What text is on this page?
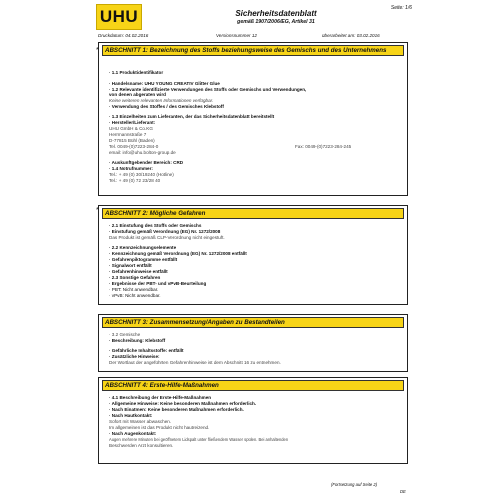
UHU	Seite: 1/6
Sicherheitsdatenblatt
gemäß 1907/2006/EG, Artikel 31
Druckdatum: 04.02.2016	Versionsnummer 12	überarbeitet am: 03.02.2016
*	ABSCHNITT 1: Bezeichnung des Stoffs beziehungsweise des Gemischs und des Unternehmens
· 1.1 Produktidentifikator
· Handelsname: UHU YOUNG CREATIV Glitter Glue
· 1.2 Relevante identifizierte Verwendungen des Stoffs oder Gemischs und Verwendungen,
von denen abgeraten wird
Keine weiteren relevanten Informationen verfügbar.
· Verwendung des Stoffes / des Gemisches Klebstoff
· 1.3 Einzelheiten zum Lieferanten, der das Sicherheitsdatenblatt bereitstellt
· Hersteller/Lieferant:
UHU GmbH & Co.KG
Herrmannstraße 7
D-77815 Bühl (Baden)
Tel. 0049-(0)7223-284-0	Fax: 0049-(0)7223-284-245
email: info@uhu.bolton-group.de
· Auskunftgebender Bereich: CRD
· 1.4 Notrufnummer:
Tel.: + 49 (0) 30/19240 (Hotline)
Tel.: + 49 (0) 72 23/28 40
*	ABSCHNITT 2: Mögliche Gefahren
· 2.1 Einstufung des Stoffs oder Gemischs
· Einstufung gemäß Verordnung (EG) Nr. 1272/2008
Das Produkt ist gemäß CLP-Verordnung nicht eingestuft.
· 2.2 Kennzeichnungselemente
· Kennzeichnung gemäß Verordnung (EG) Nr. 1272/2008 entfällt
· Gefahrenpiktogramme entfällt
· Signalwort entfällt
· Gefahrenhinweise entfällt
· 2.3 Sonstige Gefahren
· Ergebnisse der PBT- und vPvB-Beurteilung
· PBT: Nicht anwendbar.
· vPvB: Nicht anwendbar.
ABSCHNITT 3: Zusammensetzung/Angaben zu Bestandteilen
· 3.2 Gemische
· Beschreibung: Klebstoff
· Gefährliche Inhaltsstoffe: entfällt
· Zusätzliche Hinweise:
Der Wortlaut der angeführten Gefahrenhinweise ist dem Abschnitt 16 zu entnehmen.
ABSCHNITT 4: Erste-Hilfe-Maßnahmen
· 4.1 Beschreibung der Erste-Hilfe-Maßnahmen
· Allgemeine Hinweise: Keine besonderen Maßnahmen erforderlich.
· Nach Einatmen: Keine besonderen Maßnahmen erforderlich.
· Nach Hautkontakt:
Sofort mit Wasser abwaschen.
Im allgemeinen ist das Produkt nicht hautreizend.
· Nach Augenkontakt:
Augen mehrere Minuten bei geöffnetem Lidspalt unter fließendem Wasser spülen. Bei anhaltenden
Beschwerden Arzt konsultieren.
(Fortsetzung auf Seite 2)
DE
